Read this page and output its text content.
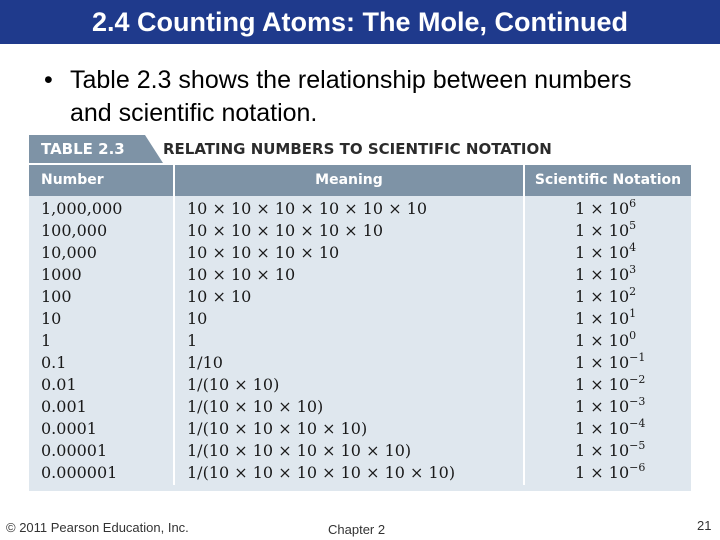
2.4 Counting Atoms: The Mole, Continued
• Table 2.3 shows the relationship between numbers and scientific notation.
TABLE 2.3	RELATING NUMBERS TO SCIENTIFIC NOTATION
Number	Meaning	Scientific Notation
1,000,000	10 × 10 × 10 × 10 × 10 × 10	$1 \times 10^6$
100,000	10 × 10 × 10 × 10 × 10	$1 \times 10^5$
10,000	10 × 10 × 10 × 10	$1 \times 10^4$
1000	10 × 10 × 10	$1 \times 10^3$
100	10 × 10	$1 \times 10^2$
10	10	$1 \times 10^1$
1	1	$1 \times 10^0$
0.1	1/10	$1 \times 10^{-1}$
0.01	1/(10 × 10)	$1 \times 10^{-2}$
0.001	1/(10 × 10 × 10)	$1 \times 10^{-3}$
0.0001	1/(10 × 10 × 10 × 10)	$1 \times 10^{-4}$
0.00001	1/(10 × 10 × 10 × 10 × 10)	$1 \times 10^{-5}$
0.000001	1/(10 × 10 × 10 × 10 × 10 × 10)	$1 \times 10^{-6}$
© 2011 Pearson Education, Inc.	Chapter 2	21
